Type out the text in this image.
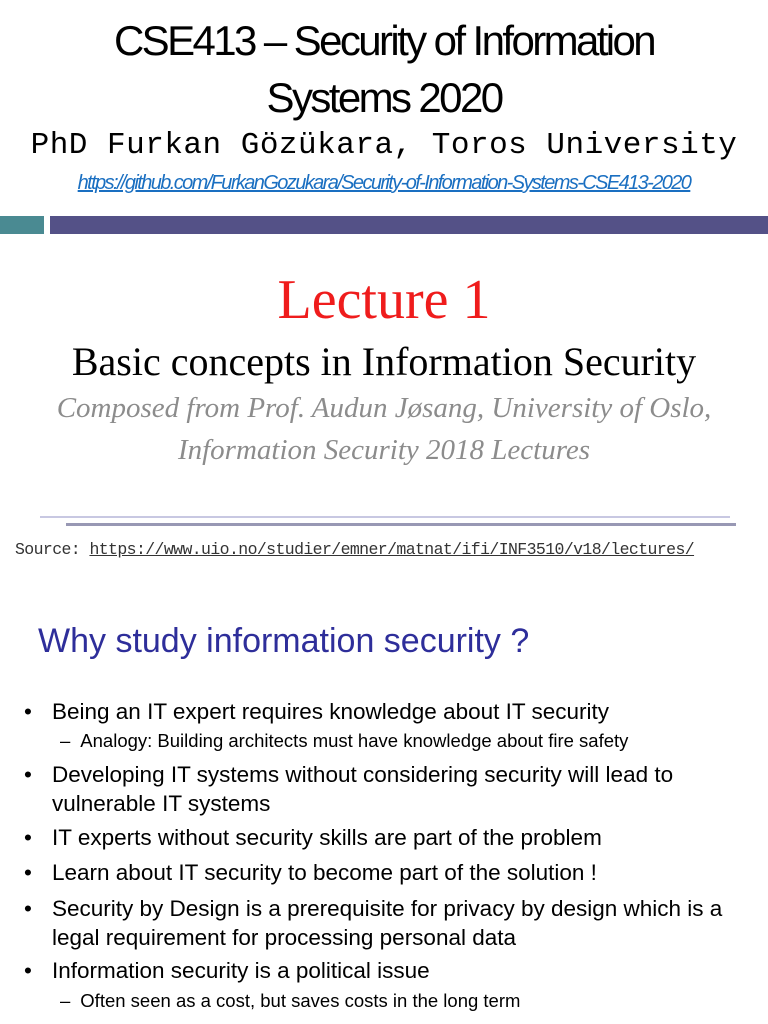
CSE413 – Security of Information
Systems 2020
PhD Furkan Gözükara, Toros University
https://github.com/FurkanGozukara/Security-of-Information-Systems-CSE413-2020
Lecture 1
Basic concepts in Information Security
Composed from Prof. Audun Jøsang, University of Oslo,
Information Security 2018 Lectures
Source: https://www.uio.no/studier/emner/matnat/ifi/INF3510/v18/lectures/
Why study information security ?
• Being an IT expert requires knowledge about IT security
– Analogy: Building architects must have knowledge about fire safety
• Developing IT systems without considering security will lead to vulnerable IT systems
• IT experts without security skills are part of the problem
• Learn about IT security to become part of the solution !
• Security by Design is a prerequisite for privacy by design which is a legal requirement for processing personal data
• Information security is a political issue
– Often seen as a cost, but saves costs in the long term
